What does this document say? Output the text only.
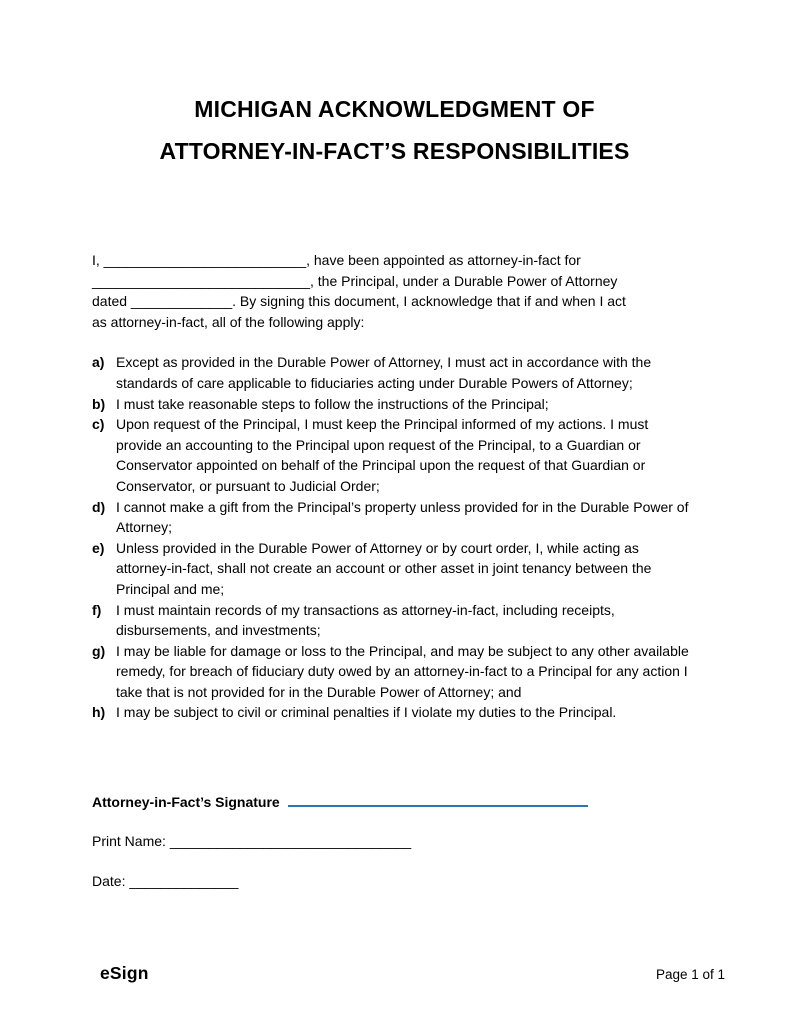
MICHIGAN ACKNOWLEDGMENT OF
ATTORNEY-IN-FACT’S RESPONSIBILITIES
I, __________________________, have been appointed as attorney-in-fact for
____________________________, the Principal, under a Durable Power of Attorney
dated _____________. By signing this document, I acknowledge that if and when I act
as attorney-in-fact, all of the following apply:
a) Except as provided in the Durable Power of Attorney, I must act in accordance with the standards of care applicable to fiduciaries acting under Durable Powers of Attorney;
b) I must take reasonable steps to follow the instructions of the Principal;
c) Upon request of the Principal, I must keep the Principal informed of my actions. I must provide an accounting to the Principal upon request of the Principal, to a Guardian or Conservator appointed on behalf of the Principal upon the request of that Guardian or Conservator, or pursuant to Judicial Order;
d) I cannot make a gift from the Principal’s property unless provided for in the Durable Power of Attorney;
e) Unless provided in the Durable Power of Attorney or by court order, I, while acting as attorney-in-fact, shall not create an account or other asset in joint tenancy between the Principal and me;
f)	I must maintain records of my transactions as attorney-in-fact, including receipts, disbursements, and investments;
g) I may be liable for damage or loss to the Principal, and may be subject to any other available remedy, for breach of fiduciary duty owed by an attorney-in-fact to a Principal for any action I take that is not provided for in the Durable Power of Attorney; and
h) I may be subject to civil or criminal penalties if I violate my duties to the Principal.
Attorney-in-Fact’s Signature
Print Name:
_______________________________
Date:
______________
eSign	Page 1 of 1
